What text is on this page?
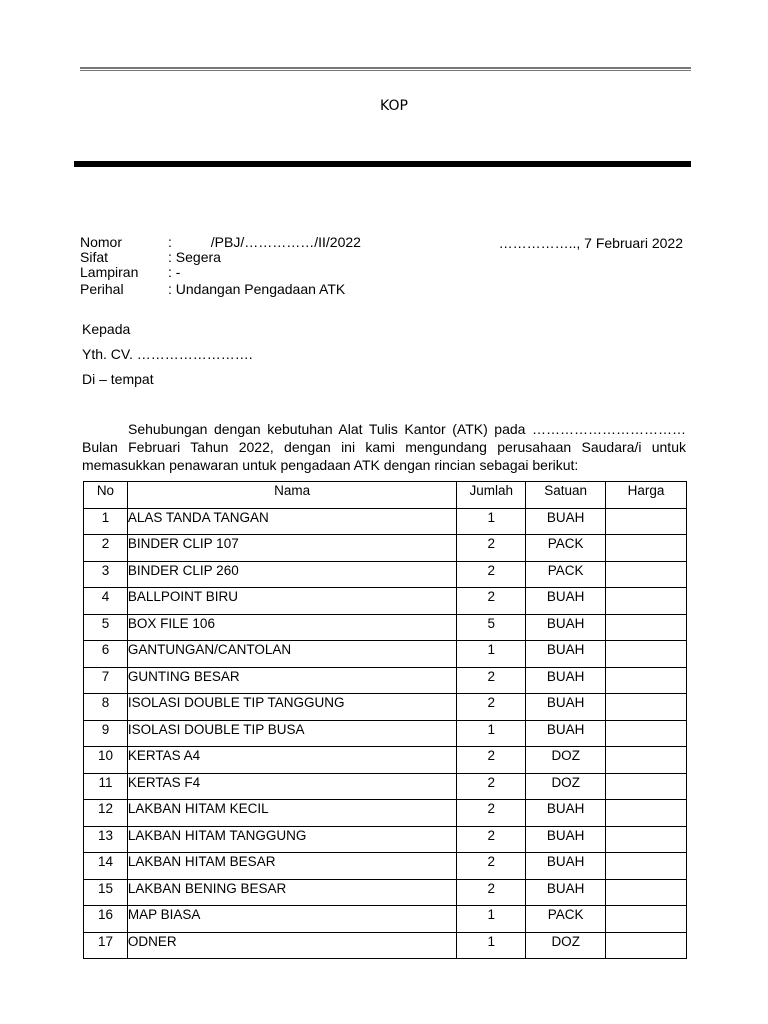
KOP
Nomor	:          /PBJ/……………/II/2022
Sifat	: Segera
Lampiran : -
Perihal	: Undangan Pengadaan ATK
…………….., 7 Februari 2022
Kepada
Yth. CV. …………………….
Di – tempat
Sehubungan dengan kebutuhan Alat Tulis Kantor (ATK) pada …………………………… Bulan Februari Tahun 2022, dengan ini kami mengundang perusahaan Saudara/i untuk memasukkan penawaran untuk pengadaan ATK dengan rincian sebagai berikut:
No	Nama	Jumlah	Satuan	Harga
1	ALAS TANDA TANGAN	1	BUAH	
2	BINDER CLIP 107	2	PACK	
3	BINDER CLIP 260	2	PACK	
4	BALLPOINT BIRU	2	BUAH	
5	BOX FILE 106	5	BUAH	
6	GANTUNGAN/CANTOLAN	1	BUAH	
7	GUNTING BESAR	2	BUAH	
8	ISOLASI DOUBLE TIP TANGGUNG	2	BUAH	
9	ISOLASI DOUBLE TIP BUSA	1	BUAH	
10	KERTAS A4	2	DOZ	
11	KERTAS F4	2	DOZ	
12	LAKBAN HITAM KECIL	2	BUAH	
13	LAKBAN HITAM TANGGUNG	2	BUAH	
14	LAKBAN HITAM BESAR	2	BUAH	
15	LAKBAN BENING BESAR	2	BUAH	
16	MAP BIASA	1	PACK	
17	ODNER	1	DOZ	
